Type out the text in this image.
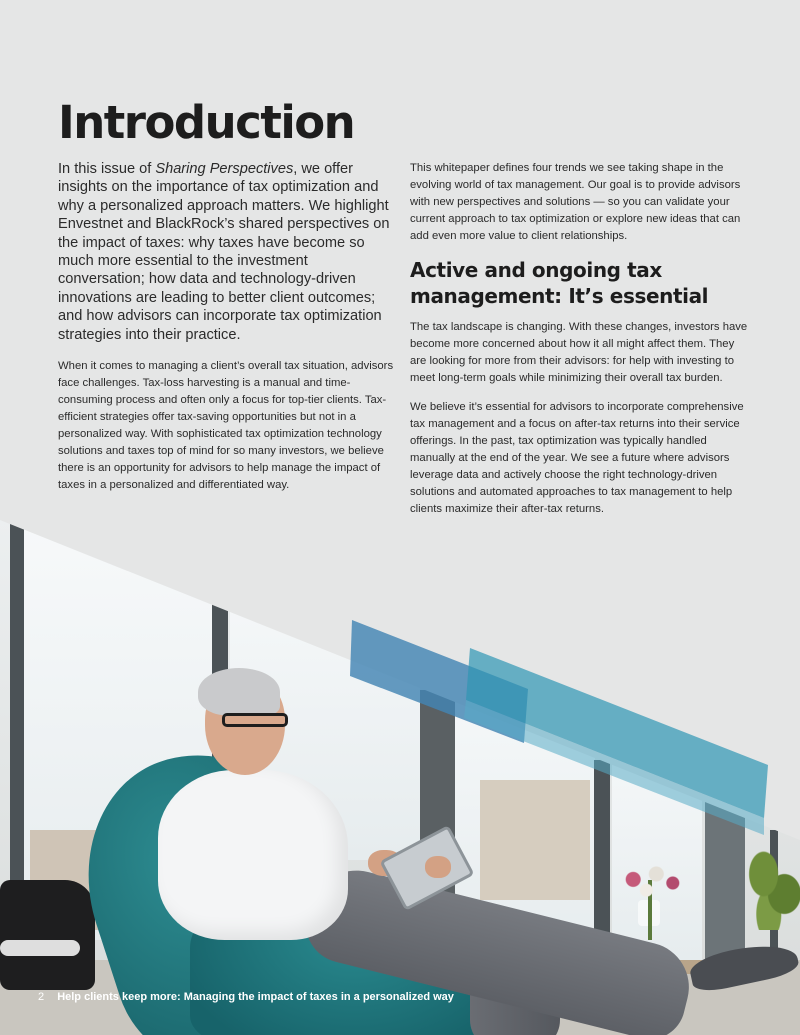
Introduction

In this issue of Sharing Perspectives, we offer insights on the importance of tax optimization and why a personalized approach matters. We highlight Envestnet and BlackRock’s shared perspectives on the impact of taxes: why taxes have become so much more essential to the investment conversation; how data and technology-driven innovations are leading to better client outcomes; and how advisors can incorporate tax optimization strategies into their practice.

When it comes to managing a client’s overall tax situation, advisors face challenges. Tax-loss harvesting is a manual and time-consuming process and often only a focus for top-tier clients. Tax-efficient strategies offer tax-saving opportunities but not in a personalized way. With sophisticated tax optimization technology solutions and taxes top of mind for so many investors, we believe there is an opportunity for advisors to help manage the impact of taxes in a personalized and differentiated way.

This whitepaper defines four trends we see taking shape in the evolving world of tax management. Our goal is to provide advisors with new perspectives and solutions — so you can validate your current approach to tax optimization or explore new ideas that can add even more value to client relationships.

Active and ongoing tax management: It’s essential

The tax landscape is changing. With these changes, investors have become more concerned about how it all might affect them. They are looking for more from their advisors: for help with investing to meet long-term goals while minimizing their overall tax burden.

We believe it’s essential for advisors to incorporate comprehensive tax management and a focus on after-tax returns into their service offerings. In the past, tax optimization was typically handled manually at the end of the year. We see a future where advisors leverage data and actively choose the right technology-driven solutions and automated approaches to tax management to help clients maximize their after-tax returns.

2 Help clients keep more: Managing the impact of taxes in a personalized way
